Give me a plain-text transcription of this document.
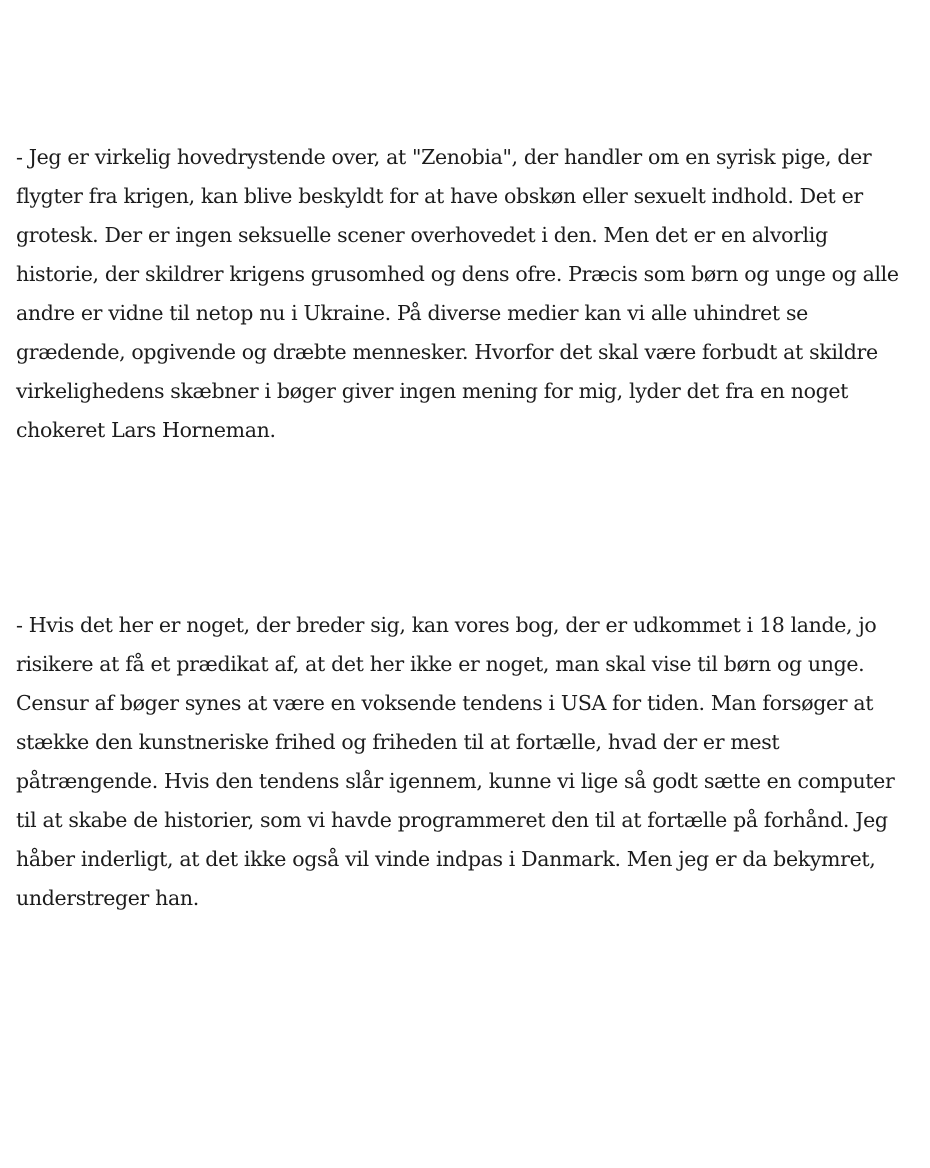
- Jeg er virkelig hovedrystende over, at "Zenobia", der handler om en syrisk pige, der flygter fra krigen, kan blive beskyldt for at have obskøn eller sexuelt indhold. Det er grotesk. Der er ingen seksuelle scener overhovedet i den. Men det er en alvorlig historie, der skildrer krigens grusomhed og dens ofre. Præcis som børn og unge og alle andre er vidne til netop nu i Ukraine. På diverse medier kan vi alle uhindret se grædende, opgivende og dræbte mennesker. Hvorfor det skal være forbudt at skildre virkelighedens skæbner i bøger giver ingen mening for mig, lyder det fra en noget chokeret Lars Horneman.

- Hvis det her er noget, der breder sig, kan vores bog, der er udkommet i 18 lande, jo risikere at få et prædikat af, at det her ikke er noget, man skal vise til børn og unge. Censur af bøger synes at være en voksende tendens i USA for tiden. Man forsøger at stække den kunstneriske frihed og friheden til at fortælle, hvad der er mest påtrængende. Hvis den tendens slår igennem, kunne vi lige så godt sætte en computer til at skabe de historier, som vi havde programmeret den til at fortælle på forhånd. Jeg håber inderligt, at det ikke også vil vinde indpas i Danmark. Men jeg er da bekymret, understreger han.
